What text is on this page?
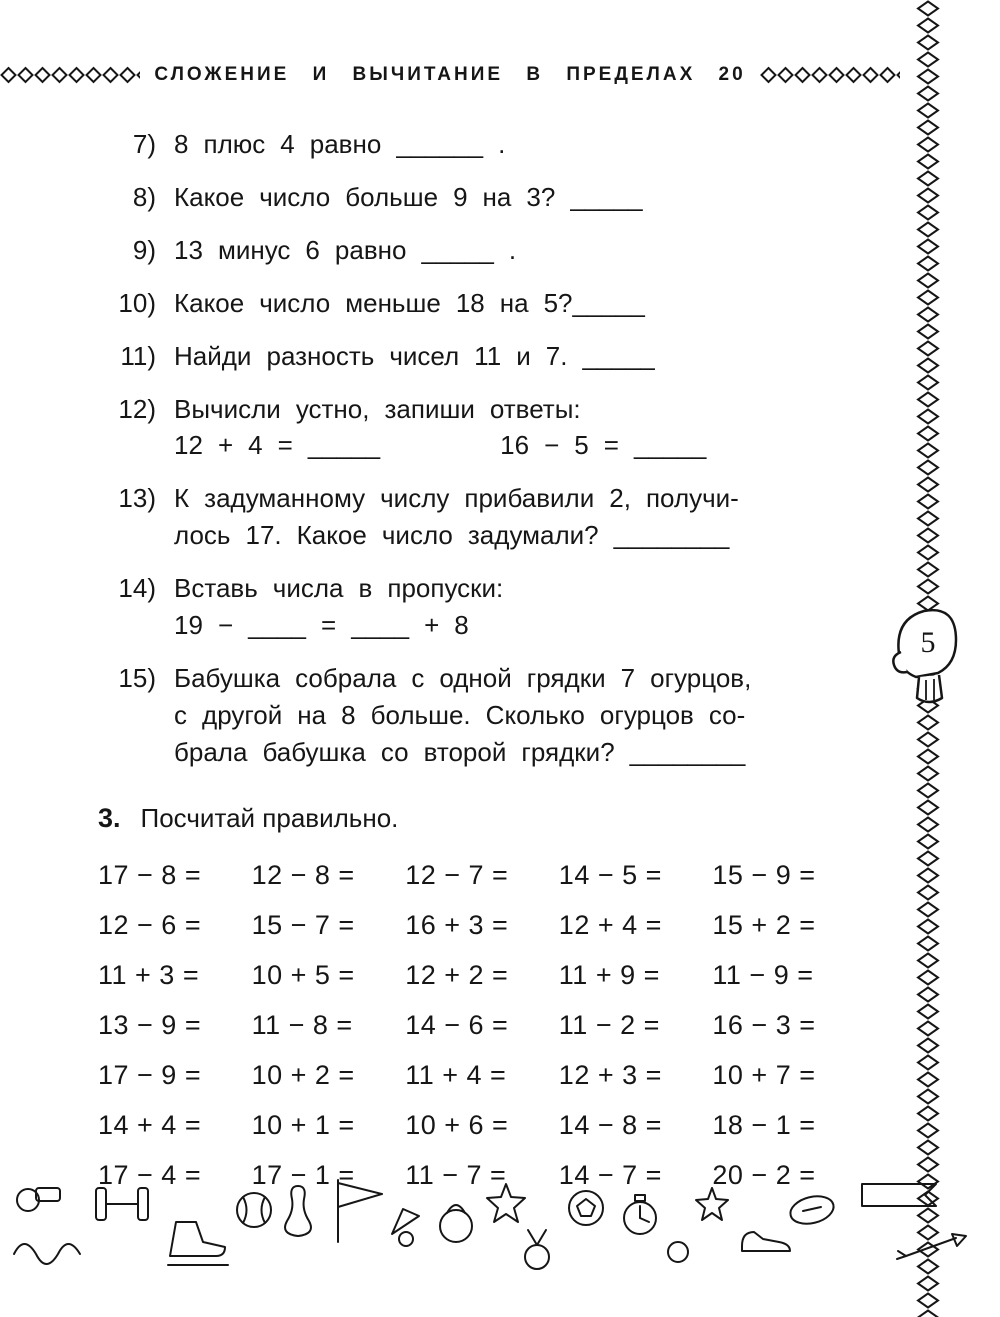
СЛОЖЕНИЕ И ВЫЧИТАНИЕ В ПРЕДЕЛАХ 20
7) 8 плюс 4 равно ______ .
8) Какое число больше 9 на 3? _____
9) 13 минус 6 равно _____ .
10) Какое число меньше 18 на 5?_____
11) Найди разность чисел 11 и 7. _____
12) Вычисли устно, запиши ответы:
12 + 4 = _____	16 − 5 = _____
13) К задуманному числу прибавили 2, получи-
лось 17. Какое число задумали? ________
14) Вставь числа в пропуски:
19 − ____ = ____ + 8
15) Бабушка собрала с одной грядки 7 огурцов,
с другой на 8 больше. Сколько огурцов со-
брала бабушка со второй грядки? ________
3. Посчитай правильно.
17 − 8 =	12 − 8 =	12 − 7 =	14 − 5 =	15 − 9 =
12 − 6 =	15 − 7 =	16 + 3 =	12 + 4 =	15 + 2 =
11 + 3 =	10 + 5 =	12 + 2 =	11 + 9 =	11 − 9 =
13 − 9 =	11 − 8 =	14 − 6 =	11 − 2 =	16 − 3 =
17 − 9 =	10 + 2 =	11 + 4 =	12 + 3 =	10 + 7 =
14 + 4 =	10 + 1 =	10 + 6 =	14 − 8 =	18 − 1 =
17 − 4 =	17 − 1 =	11 − 7 =	14 − 7 =	20 − 2 =
5
